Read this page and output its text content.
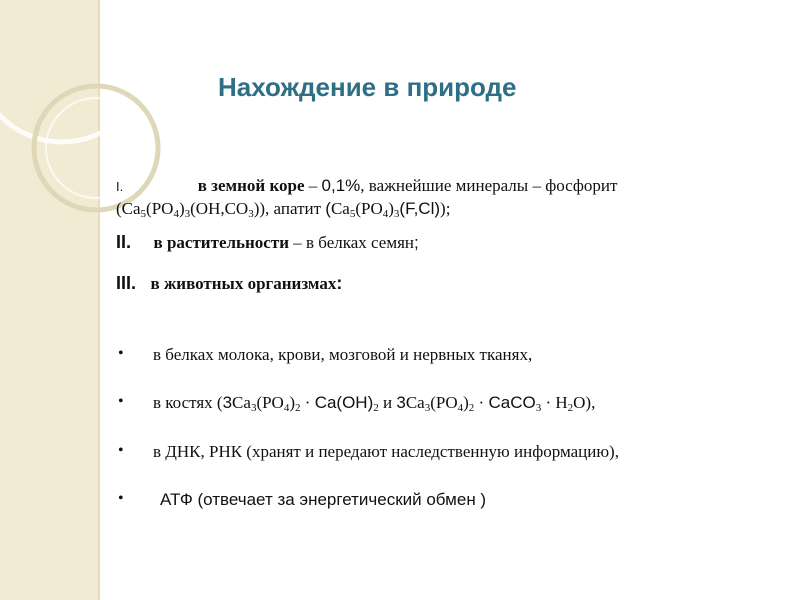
Нахождение в природе
I.	в земной коре – 0,1%, важнейшие минералы – фосфорит
$(Ca_5(PO_4)_3(OH,CO_3))$, апатит $(Ca_5(PO_4)_3(F,Cl))$;
II. в растительности – в белках семян;
III. в животных организмах:
• в белках молока, крови, мозговой и нервных тканях,
• в костях ($3Ca_3(PO_4)_2 \cdot Ca(OH)_2$ и $3Ca_3(PO_4)_2$ · CaCO$_3$ · $H_2O$),
• в ДНК, РНК (хранят и передают наследственную информацию),
• АТФ (отвечает за энергетический обмен )
